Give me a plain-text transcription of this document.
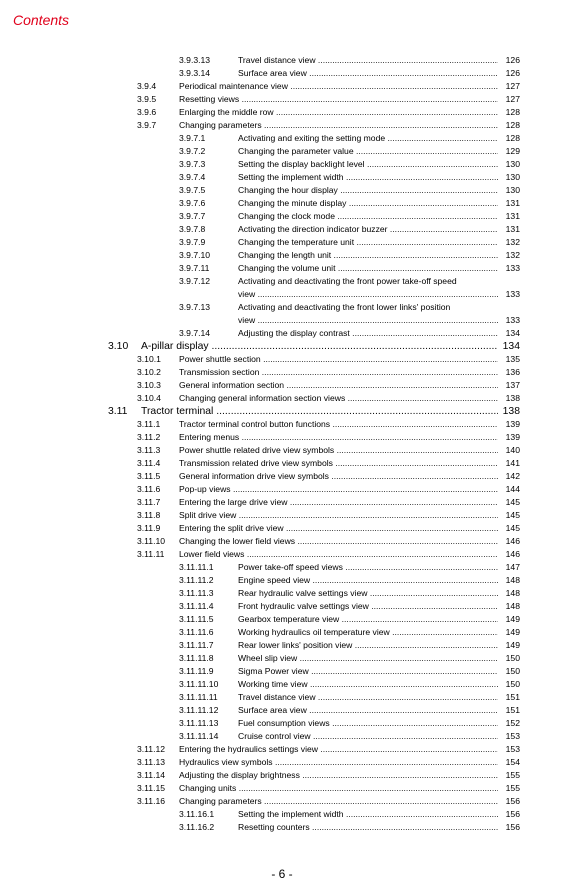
Contents
3.9.3.13	Travel distance view .....	126
3.9.3.14	Surface area view .....	126
3.9.4	Periodical maintenance view .....	127
3.9.5	Resetting views .....	127
3.9.6	Enlarging the middle row .....	128
3.9.7	Changing parameters .....	128
3.9.7.1	Activating and exiting the setting mode .....	128
3.9.7.2	Changing the parameter value .....	129
3.9.7.3	Setting the display backlight level .....	130
3.9.7.4	Setting the implement width .....	130
3.9.7.5	Changing the hour display .....	130
3.9.7.6	Changing the minute display .....	131
3.9.7.7	Changing the clock mode .....	131
3.9.7.8	Activating the direction indicator buzzer .....	131
3.9.7.9	Changing the temperature unit .....	132
3.9.7.10	Changing the length unit .....	132
3.9.7.11	Changing the volume unit .....	133
3.9.7.12	Activating and deactivating the front power take-off speed
view .....	133
3.9.7.13	Activating and deactivating the front lower links' position
view .....	133
3.9.7.14	Adjusting the display contrast .....	134
3.10 A-pillar display .....	134
3.10.1 Power shuttle section .....	135
3.10.2 Transmission section .....	136
3.10.3 General information section .....	137
3.10.4 Changing general information section views .....	138
3.11 Tractor terminal .....	138
3.11.1 Tractor terminal control button functions .....	139
3.11.2 Entering menus .....	139
3.11.3 Power shuttle related drive view symbols .....	140
3.11.4 Transmission related drive view symbols .....	141
3.11.5 General information drive view symbols .....	142
3.11.6 Pop-up views .....	144
3.11.7 Entering the large drive view .....	145
3.11.8 Split drive view .....	145
3.11.9 Entering the split drive view .....	145
3.11.10 Changing the lower field views .....	146
3.11.11 Lower field views .....	146
3.11.11.1	Power take-off speed views .....	147
3.11.11.2	Engine speed view .....	148
3.11.11.3	Rear hydraulic valve settings view .....	148
3.11.11.4	Front hydraulic valve settings view .....	148
3.11.11.5	Gearbox temperature view .....	149
3.11.11.6	Working hydraulics oil temperature view .....	149
3.11.11.7	Rear lower links' position view .....	149
3.11.11.8	Wheel slip view .....	150
3.11.11.9	Sigma Power view .....	150
3.11.11.10 Working time view .....	150
3.11.11.11 Travel distance view .....	151
3.11.11.12 Surface area view .....	151
3.11.11.13 Fuel consumption views .....	152
3.11.11.14 Cruise control view .....	153
3.11.12 Entering the hydraulics settings view .....	153
3.11.13 Hydraulics view symbols .....	154
3.11.14 Adjusting the display brightness .....	155
3.11.15 Changing units .....	155
3.11.16 Changing parameters .....	156
3.11.16.1	Setting the implement width .....	156
3.11.16.2	Resetting counters .....	156
- 6 -
